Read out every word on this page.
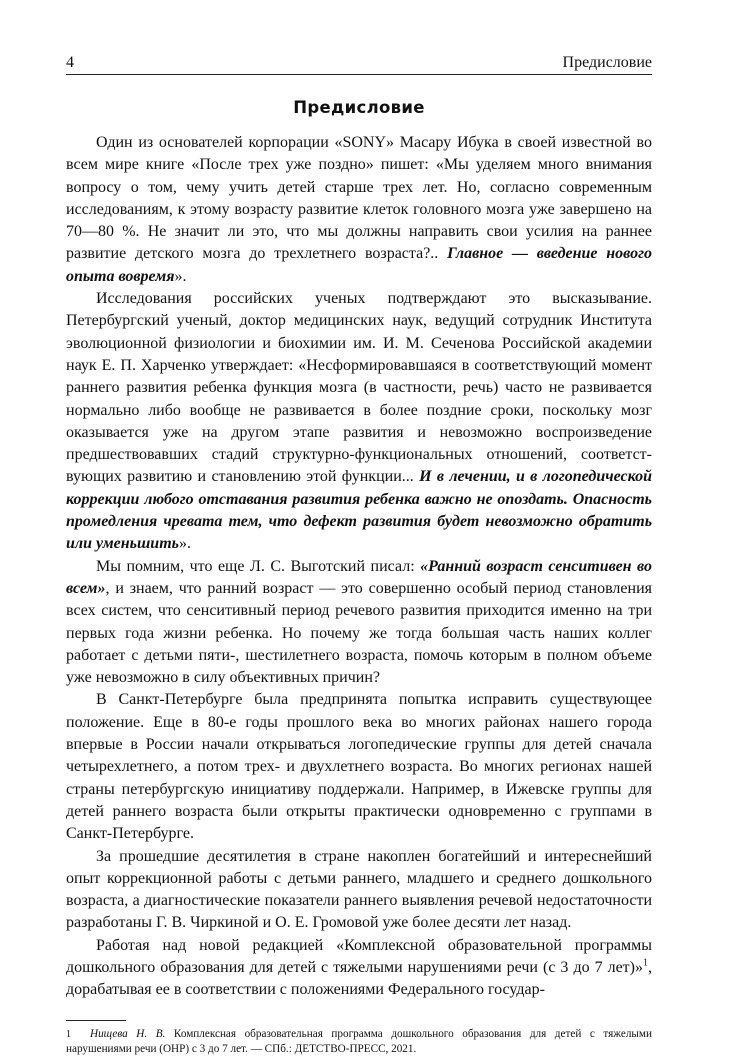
4	Предисловие
Предисловие

Один из основателей корпорации «SONY» Масару Ибука в своей известной во всем мире книге «После трех уже поздно» пишет: «Мы уделяем много внимания вопросу о том, чему учить детей старше трех лет. Но, согласно современным исследованиям, к этому возрасту развитие клеток головного мозга уже завершено на 70—80 %. Не значит ли это, что мы должны направить свои усилия на раннее развитие детского мозга до трехлетнего возраста?.. Главное — введение нового опыта вовремя».

Исследования российских ученых подтверждают это высказывание. Петербургский ученый, доктор медицинских наук, ведущий сотрудник Института эволюционной физиологии и биохимии им. И. М. Сеченова Российской академии наук Е. П. Харченко утверждает: «Несформировавшаяся в соответствующий момент раннего развития ребенка функция мозга (в частности, речь) часто не развивается нормально либо вообще не развивается в более поздние сроки, поскольку мозг оказывается уже на другом этапе развития и невозможно воспроизведение предшествовавших стадий структурно-функциональных отношений, соответствующих развитию и становлению этой функции... И в лечении, и в логопедической коррекции любого отставания развития ребенка важно не опоздать. Опасность промедления чревата тем, что дефект развития будет невозможно обратить или уменьшить».

Мы помним, что еще Л. С. Выготский писал: «Ранний возраст сенситивен во всем», и знаем, что ранний возраст — это совершенно особый период становления всех систем, что сенситивный период речевого развития приходится именно на три первых года жизни ребенка. Но почему же тогда большая часть наших коллег работает с детьми пяти-, шестилетнего возраста, помочь которым в полном объеме уже невозможно в силу объективных причин?

В Санкт-Петербурге была предпринята попытка исправить существующее положение. Еще в 80-е годы прошлого века во многих районах нашего города впервые в России начали открываться логопедические группы для детей сначала четырехлетнего, а потом трех- и двухлетнего возраста. Во многих регионах нашей страны петербургскую инициативу поддержали. Например, в Ижевске группы для детей раннего возраста были открыты практически одновременно с группами в Санкт-Петербурге.

За прошедшие десятилетия в стране накоплен богатейший и интереснейший опыт коррекционной работы с детьми раннего, младшего и среднего дошкольного возраста, а диагностические показатели раннего выявления речевой недостаточности разработаны Г. В. Чиркиной и О. Е. Громовой уже более десяти лет назад.

Работая над новой редакцией «Комплексной образовательной программы дошкольного образования для детей с тяжелыми нарушениями речи (с 3 до 7 лет)»$^1$, дорабатывая ее в соответствии с положениями Федерального государ-

1 Нищева Н. В. Комплексная образовательная программа дошкольного образования для детей с тяжелыми нарушениями речи (ОНР) с 3 до 7 лет. — СПб.: ДЕТСТВО-ПРЕСС, 2021.
